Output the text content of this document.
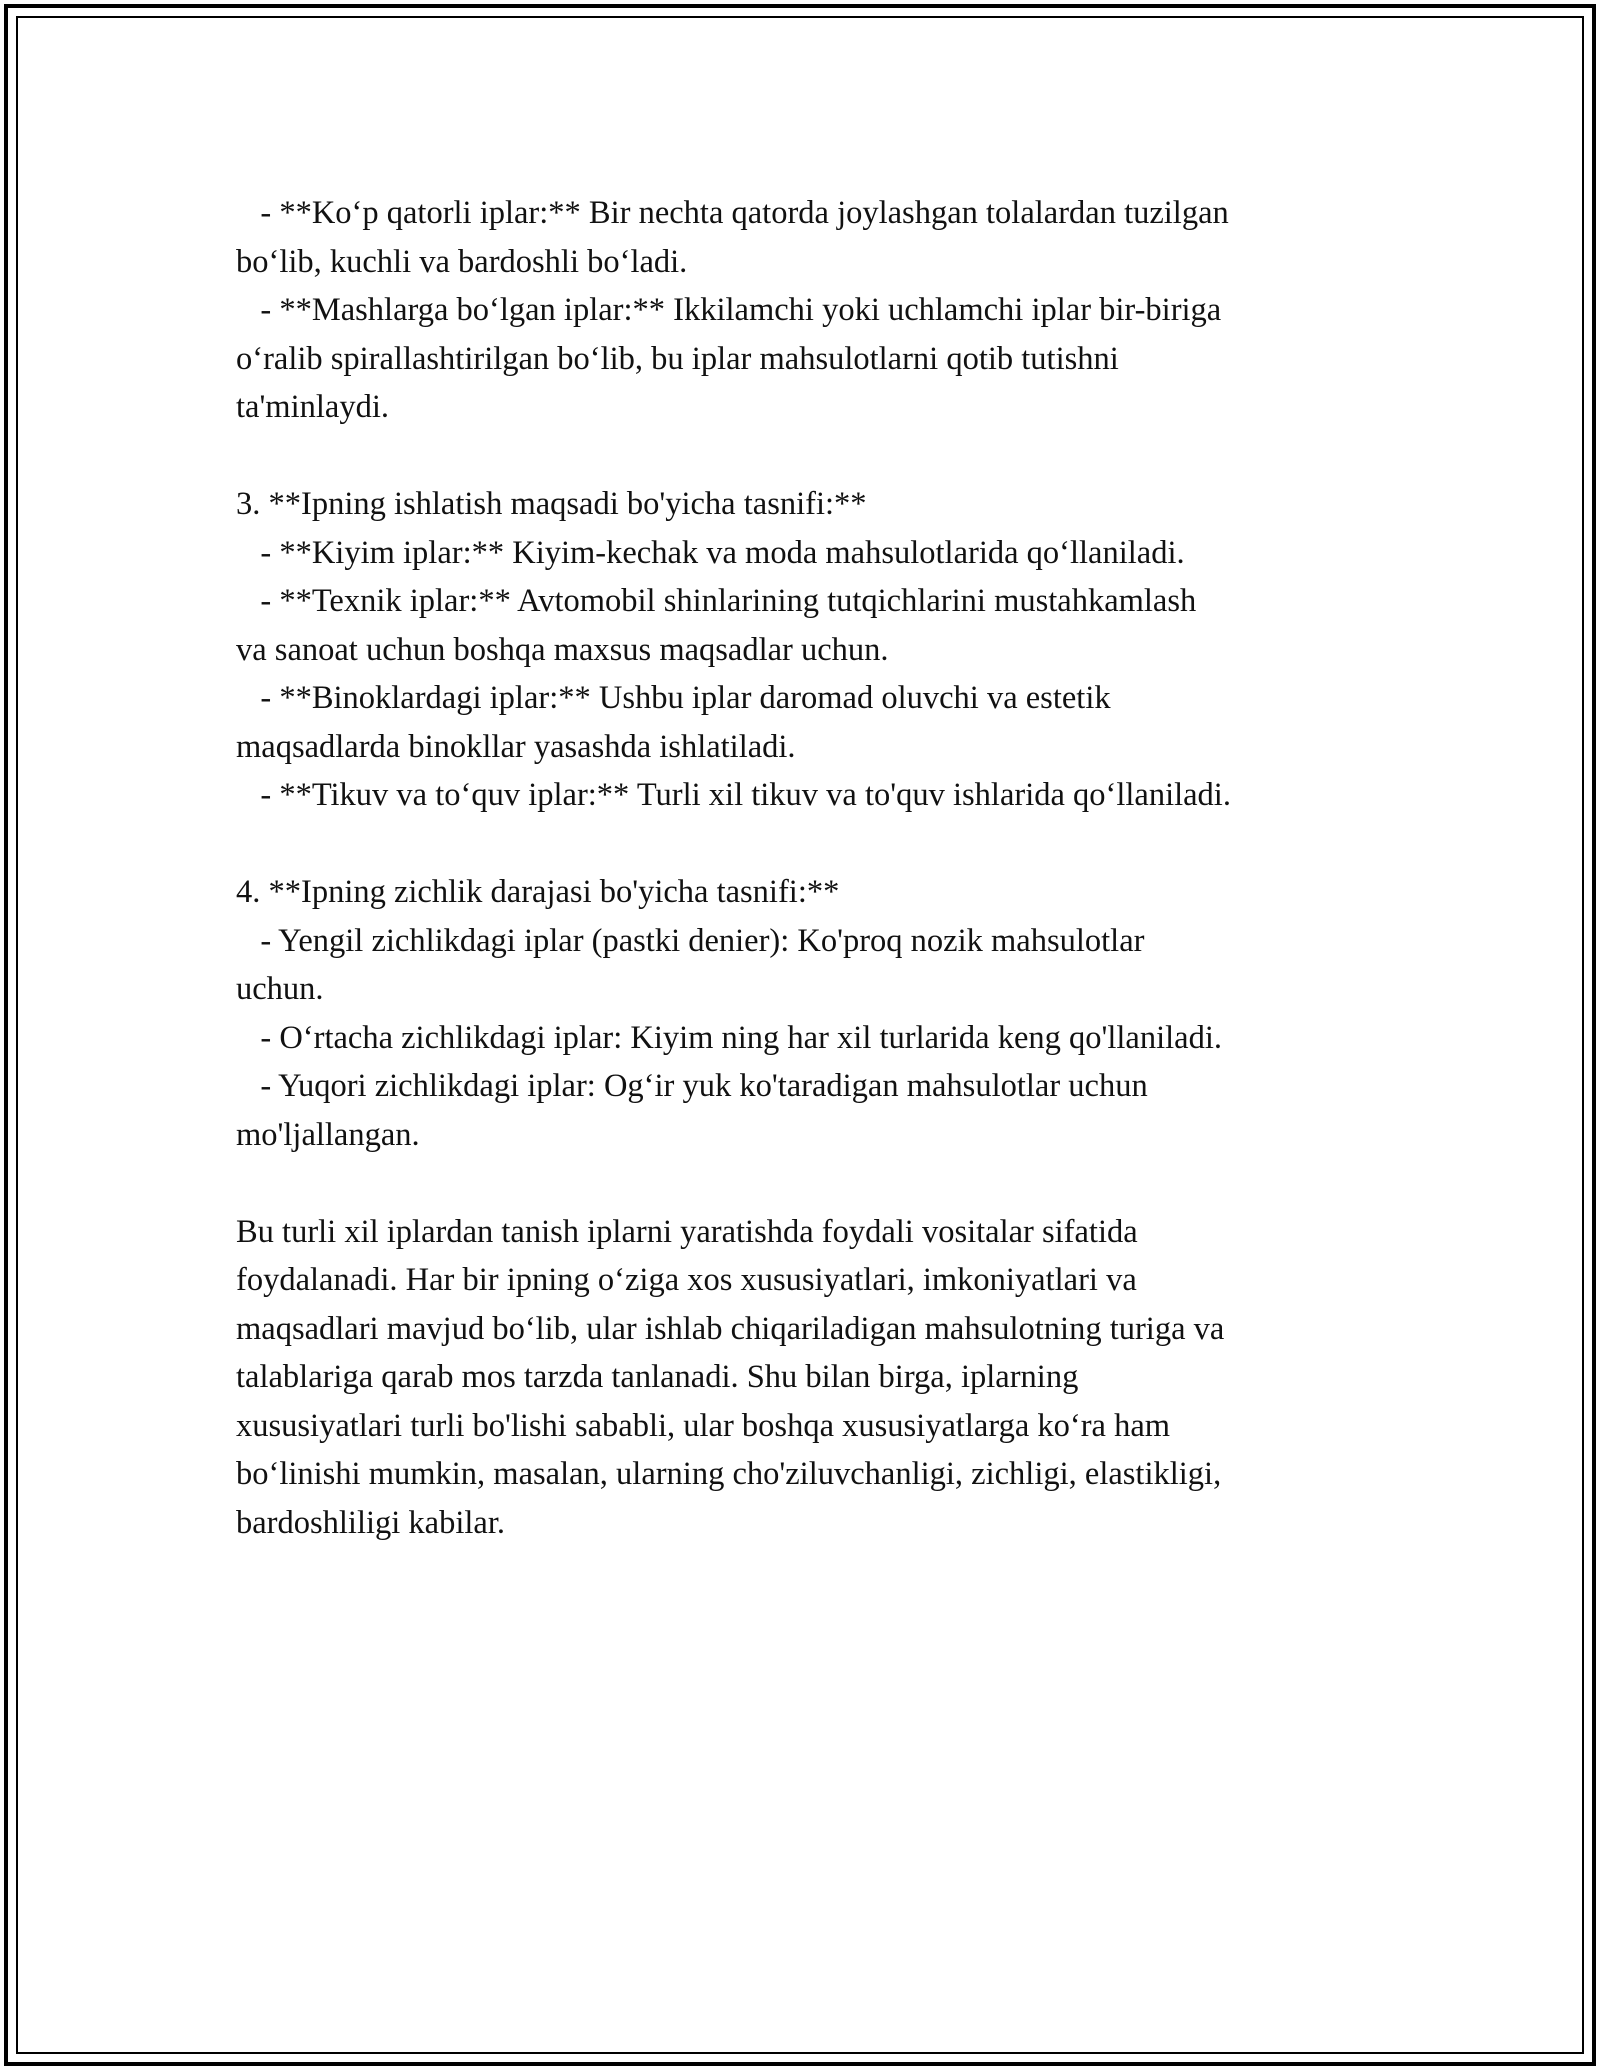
- **Ko‘p qatorli iplar:** Bir nechta qatorda joylashgan tolalardan tuzilgan
bo‘lib, kuchli va bardoshli bo‘ladi.
- **Mashlarga bo‘lgan iplar:** Ikkilamchi yoki uchlamchi iplar bir-biriga
o‘ralib spirallashtirilgan bo‘lib, bu iplar mahsulotlarni qotib tutishni
ta'minlaydi.
3. **Ipning ishlatish maqsadi bo'yicha tasnifi:**
- **Kiyim iplar:** Kiyim-kechak va moda mahsulotlarida qo‘llaniladi.
- **Texnik iplar:** Avtomobil shinlarining tutqichlarini mustahkamlash
va sanoat uchun boshqa maxsus maqsadlar uchun.
- **Binoklardagi iplar:** Ushbu iplar daromad oluvchi va estetik
maqsadlarda binokllar yasashda ishlatiladi.
- **Tikuv va to‘quv iplar:** Turli xil tikuv va to'quv ishlarida qo‘llaniladi.
4. **Ipning zichlik darajasi bo'yicha tasnifi:**
- Yengil zichlikdagi iplar (pastki denier): Ko'proq nozik mahsulotlar
uchun.
- O‘rtacha zichlikdagi iplar: Kiyim ning har xil turlarida keng qo'llaniladi.
- Yuqori zichlikdagi iplar: Og‘ir yuk ko'taradigan mahsulotlar uchun
mo'ljallangan.
Bu turli xil iplardan tanish iplarni yaratishda foydali vositalar sifatida
foydalanadi. Har bir ipning o‘ziga xos xususiyatlari, imkoniyatlari va
maqsadlari mavjud bo‘lib, ular ishlab chiqariladigan mahsulotning turiga va
talablariga qarab mos tarzda tanlanadi. Shu bilan birga, iplarning
xususiyatlari turli bo'lishi sababli, ular boshqa xususiyatlarga ko‘ra ham
bo‘linishi mumkin, masalan, ularning cho'ziluvchanligi, zichligi, elastikligi,
bardoshliligi kabilar.
